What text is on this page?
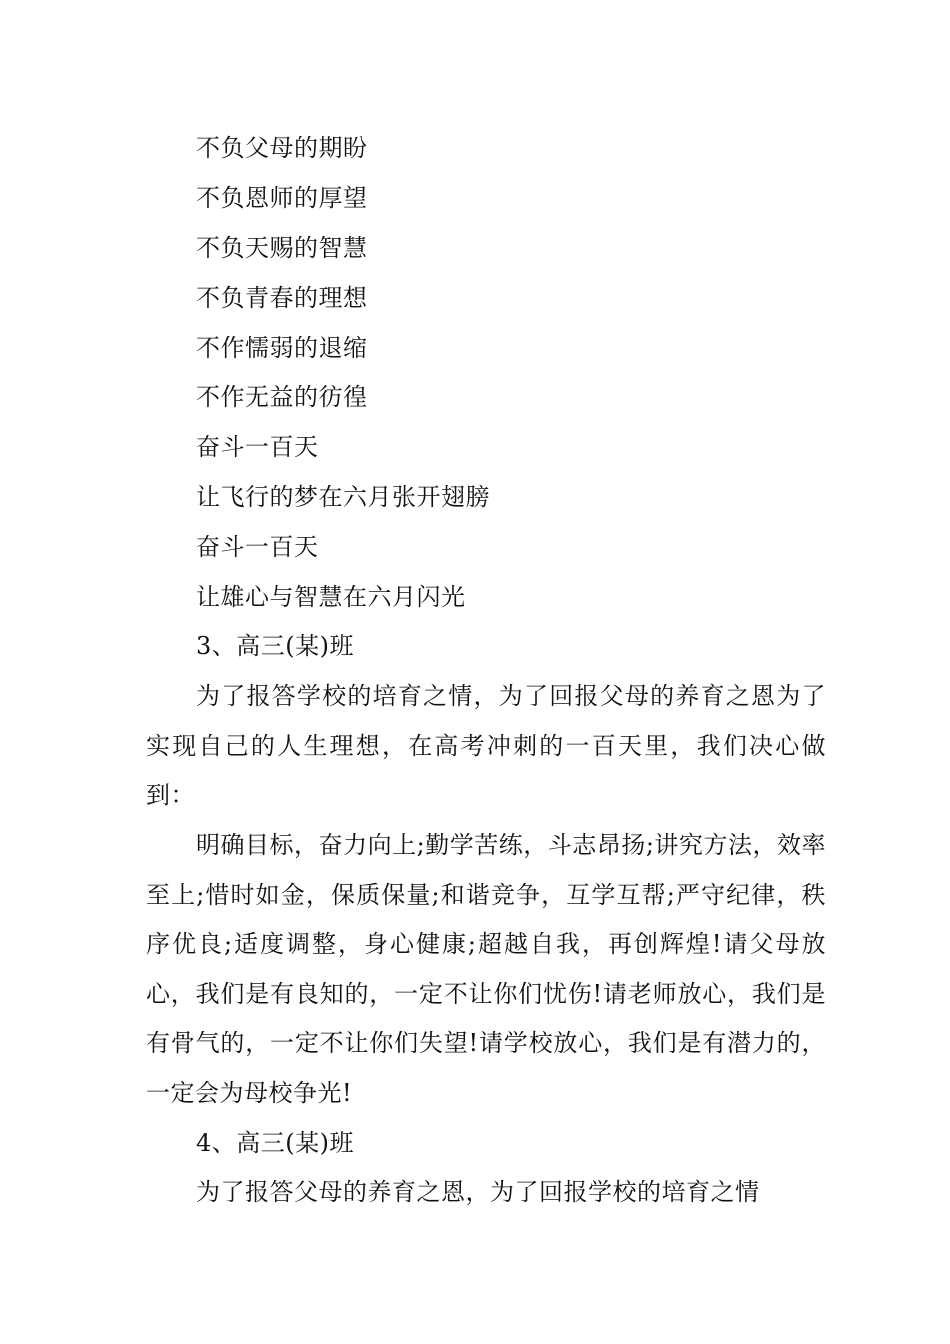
不负父母的期盼
不负恩师的厚望
不负天赐的智慧
不负青春的理想
不作懦弱的退缩
不作无益的彷徨
奋斗一百天
让飞行的梦在六月张开翅膀
奋斗一百天
让雄心与智慧在六月闪光
3、高三(某)班
为了报答学校的培育之情，为了回报父母的养育之恩为了实现自己的人生理想，在高考冲刺的一百天里，我们决心做到：
明确目标，奋力向上;勤学苦练，斗志昂扬;讲究方法，效率至上;惜时如金，保质保量;和谐竞争，互学互帮;严守纪律，秩序优良;适度调整，身心健康;超越自我，再创辉煌!请父母放心，我们是有良知的，一定不让你们忧伤!请老师放心，我们是有骨气的，一定不让你们失望!请学校放心，我们是有潜力的，一定会为母校争光!
4、高三(某)班
为了报答父母的养育之恩，为了回报学校的培育之情
